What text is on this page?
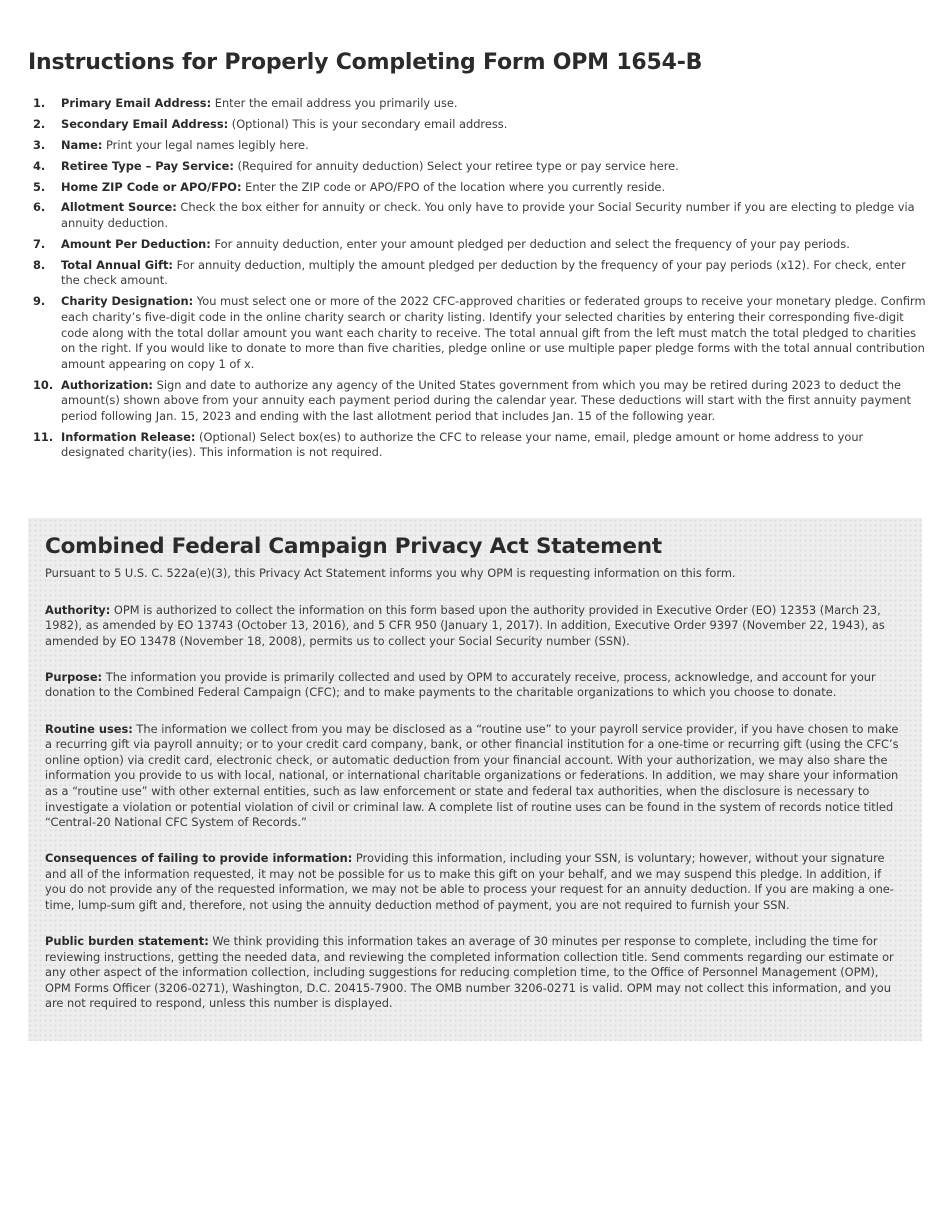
Instructions for Properly Completing Form OPM 1654-B
1. Primary Email Address: Enter the email address you primarily use.
2. Secondary Email Address: (Optional) This is your secondary email address.
3. Name: Print your legal names legibly here.
4. Retiree Type – Pay Service: (Required for annuity deduction) Select your retiree type or pay service here.
5. Home ZIP Code or APO/FPO: Enter the ZIP code or APO/FPO of the location where you currently reside.
6. Allotment Source: Check the box either for annuity or check. You only have to provide your Social Security number if you are electing to pledge via annuity deduction.
7. Amount Per Deduction: For annuity deduction, enter your amount pledged per deduction and select the frequency of your pay periods.
8. Total Annual Gift: For annuity deduction, multiply the amount pledged per deduction by the frequency of your pay periods (x12). For check, enter the check amount.
9. Charity Designation: You must select one or more of the 2022 CFC-approved charities or federated groups to receive your monetary pledge. Confirm each charity’s five-digit code in the online charity search or charity listing. Identify your selected charities by entering their corresponding five-digit code along with the total dollar amount you want each charity to receive. The total annual gift from the left must match the total pledged to charities on the right. If you would like to donate to more than five charities, pledge online or use multiple paper pledge forms with the total annual contribution amount appearing on copy 1 of x.
10. Authorization: Sign and date to authorize any agency of the United States government from which you may be retired during 2023 to deduct the amount(s) shown above from your annuity each payment period during the calendar year. These deductions will start with the first annuity payment period following Jan. 15, 2023 and ending with the last allotment period that includes Jan. 15 of the following year.
11. Information Release: (Optional) Select box(es) to authorize the CFC to release your name, email, pledge amount or home address to your designated charity(ies). This information is not required.
Combined Federal Campaign Privacy Act Statement

Pursuant to 5 U.S. C. 522a(e)(3), this Privacy Act Statement informs you why OPM is requesting information on this form.

Authority: OPM is authorized to collect the information on this form based upon the authority provided in Executive Order (EO) 12353 (March 23, 1982), as amended by EO 13743 (October 13, 2016), and 5 CFR 950 (January 1, 2017). In addition, Executive Order 9397 (November 22, 1943), as amended by EO 13478 (November 18, 2008), permits us to collect your Social Security number (SSN).

Purpose: The information you provide is primarily collected and used by OPM to accurately receive, process, acknowledge, and account for your donation to the Combined Federal Campaign (CFC); and to make payments to the charitable organizations to which you choose to donate.

Routine uses: The information we collect from you may be disclosed as a “routine use” to your payroll service provider, if you have chosen to make a recurring gift via payroll annuity; or to your credit card company, bank, or other financial institution for a one-time or recurring gift (using the CFC’s online option) via credit card, electronic check, or automatic deduction from your financial account. With your authorization, we may also share the information you provide to us with local, national, or international charitable organizations or federations. In addition, we may share your information as a “routine use” with other external entities, such as law enforcement or state and federal tax authorities, when the disclosure is necessary to investigate a violation or potential violation of civil or criminal law. A complete list of routine uses can be found in the system of records notice titled “Central-20 National CFC System of Records.”

Consequences of failing to provide information: Providing this information, including your SSN, is voluntary; however, without your signature and all of the information requested, it may not be possible for us to make this gift on your behalf, and we may suspend this pledge. In addition, if you do not provide any of the requested information, we may not be able to process your request for an annuity deduction. If you are making a one-time, lump-sum gift and, therefore, not using the annuity deduction method of payment, you are not required to furnish your SSN.

Public burden statement: We think providing this information takes an average of 30 minutes per response to complete, including the time for reviewing instructions, getting the needed data, and reviewing the completed information collection title. Send comments regarding our estimate or any other aspect of the information collection, including suggestions for reducing completion time, to the Office of Personnel Management (OPM), OPM Forms Officer (3206-0271), Washington, D.C. 20415-7900. The OMB number 3206-0271 is valid. OPM may not collect this information, and you are not required to respond, unless this number is displayed.
